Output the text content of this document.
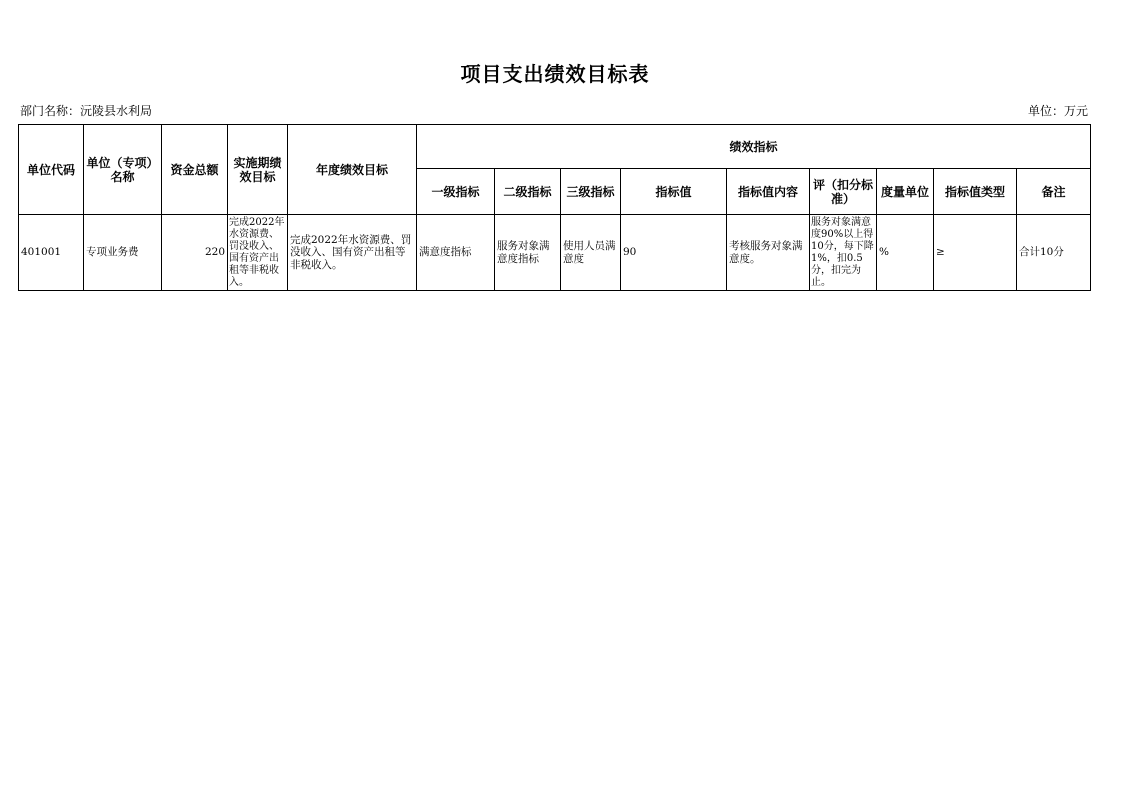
项目支出绩效目标表
部门名称：沅陵县水利局	单位：万元
单位代码	单位（专项）名称	资金总额	实施期绩效目标	年度绩效目标	绩效指标								
					一级指标	二级指标	三级指标	指标值	指标值内容	评（扣分标准）	度量单位	指标值类型	备注
401001	专项业务费	220	完成2022年水资源费、罚没收入、国有资产出租等非税收入。	完成2022年水资源费、罚没收入、国有资产出租等非税收入。	满意度指标	服务对象满意度指标	使用人员满意度	90	考核服务对象满意度。	服务对象满意度90%以上得10分，每下降1%，扣0.5分，扣完为止。	%	≥	合计10分
